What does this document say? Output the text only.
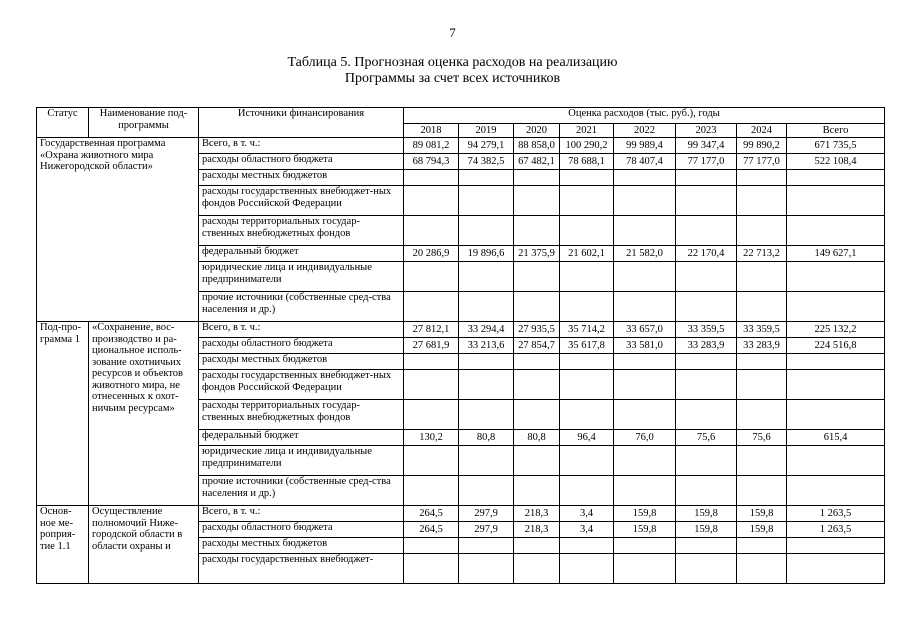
7
Таблица 5. Прогнозная оценка расходов на реализацию
Программы за счет всех источников
Статус	Наименование под-программы	Источники финансирования	Оценка расходов (тыс. руб.), годы							
			2018	2019	2020	2021	2022	2023	2024	Всего
Государственная программа «Охрана животного мира Нижегородской области»		Всего, в т. ч.:	89 081,2	94 279,1	88 858,0	100 290,2	99 989,4	99 347,4	99 890,2	671 735,5
		расходы областного бюджета	68 794,3	74 382,5	67 482,1	78 688,1	78 407,4	77 177,0	77 177,0	522 108,4
		расходы местных бюджетов								
		расходы государственных внебюджет-ных фондов Российской Федерации								
		расходы территориальных государ-ственных внебюджетных фондов								
		федеральный бюджет	20 286,9	19 896,6	21 375,9	21 602,1	21 582,0	22 170,4	22 713,2	149 627,1
		юридические лица и индивидуальные предприниматели								
		прочие источники (собственные сред-ства населения и др.)								
Под-про-грамма 1	«Сохранение, вос-производство и ра-циональное исполь-зование охотничьих ресурсов и объектов животного мира, не отнесенных к охот-ничьим ресурсам»	Всего, в т. ч.:	27 812,1	33 294,4	27 935,5	35 714,2	33 657,0	33 359,5	33 359,5	225 132,2
		расходы областного бюджета	27 681,9	33 213,6	27 854,7	35 617,8	33 581,0	33 283,9	33 283,9	224 516,8
		расходы местных бюджетов								
		расходы государственных внебюджет-ных фондов Российской Федерации								
		расходы территориальных государ-ственных внебюджетных фондов								
		федеральный бюджет	130,2	80,8	80,8	96,4	76,0	75,6	75,6	615,4
		юридические лица и индивидуальные предприниматели								
		прочие источники (собственные сред-ства населения и др.)								
Основ-ное ме-роприя-тие 1.1	Осуществление полномочий Ниже-городской области в области охраны и	Всего, в т. ч.:	264,5	297,9	218,3	3,4	159,8	159,8	159,8	1 263,5
		расходы областного бюджета	264,5	297,9	218,3	3,4	159,8	159,8	159,8	1 263,5
		расходы местных бюджетов								
		расходы государственных внебюджет-								
